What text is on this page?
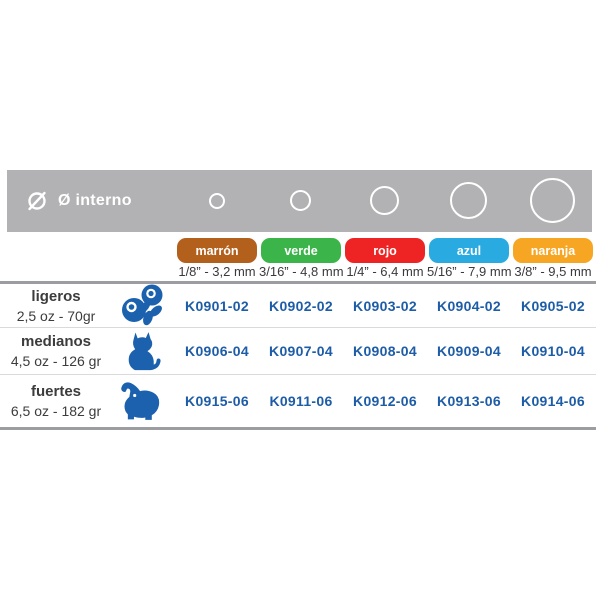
Ø interno
marrón	verde	rojo	azul	naranja
1/8” - 3,2 mm 3/16” - 4,8 mm 1/4” - 6,4 mm 5/16” - 7,9 mm 3/8” - 9,5 mm
ligeros
2,5 oz - 70gr
K0901-02	K0902-02	K0903-02	K0904-02	K0905-02
medianos
4,5 oz - 126 gr
K0906-04	K0907-04	K0908-04	K0909-04	K0910-04
fuertes
6,5 oz - 182 gr
K0915-06	K0911-06	K0912-06	K0913-06	K0914-06
